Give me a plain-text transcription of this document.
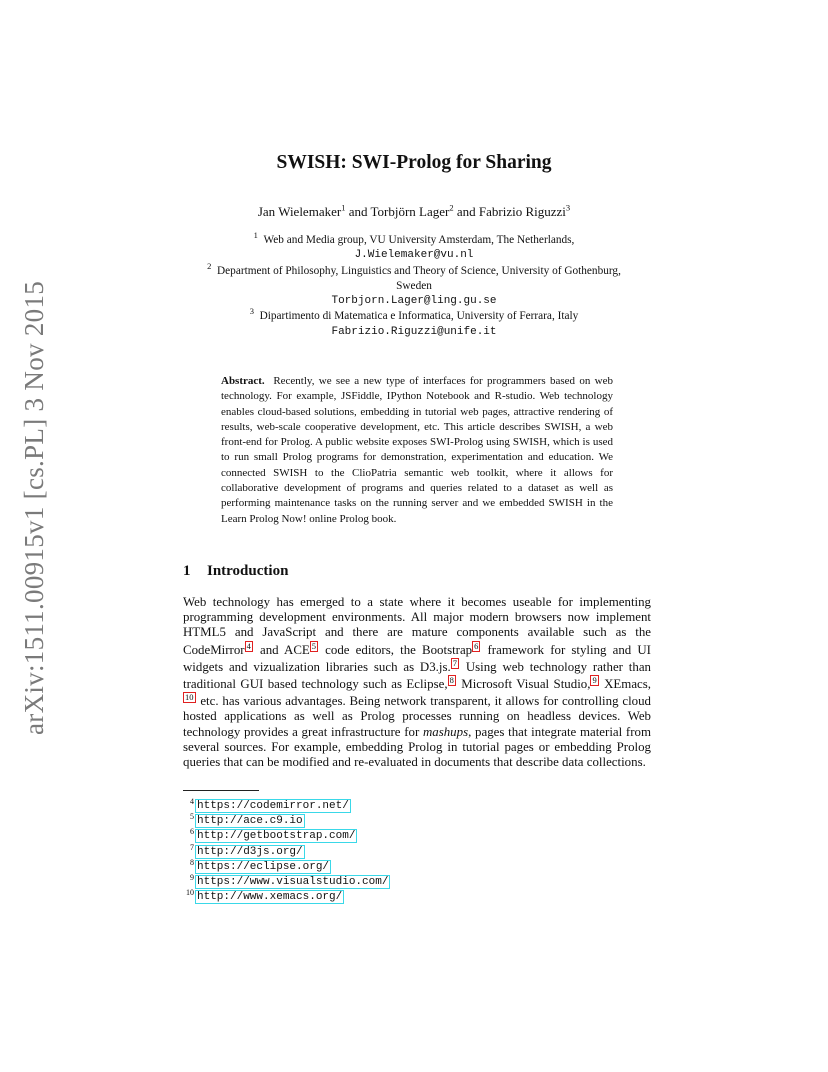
arXiv:1511.00915v1 [cs.PL] 3 Nov 2015
SWISH: SWI-Prolog for Sharing
Jan Wielemaker$^1$ and Torbjörn Lager$^2$ and Fabrizio Riguzzi$^3$
$^1$ Web and Media group, VU University Amsterdam, The Netherlands,
J.Wielemaker@vu.nl
$^2$ Department of Philosophy, Linguistics and Theory of Science, University of Gothenburg,
Sweden
Torbjorn.Lager@ling.gu.se
$^3$ Dipartimento di Matematica e Informatica, University of Ferrara, Italy
Fabrizio.Riguzzi@unife.it
Abstract. Recently, we see a new type of interfaces for programmers based on web technology. For example, JSFiddle, IPython Notebook and R-studio. Web technology enables cloud-based solutions, embedding in tutorial web pages, attractive rendering of results, web-scale cooperative development, etc. This article describes SWISH, a web front-end for Prolog. A public website exposes SWI-Prolog using SWISH, which is used to run small Prolog programs for demonstration, experimentation and education. We connected SWISH to the ClioPatria semantic web toolkit, where it allows for collaborative development of programs and queries related to a dataset as well as performing maintenance tasks on the running server and we embedded SWISH in the Learn Prolog Now! online Prolog book.
1 Introduction
Web technology has emerged to a state where it becomes useable for implementing programming development environments. All major modern browsers now implement HTML5 and JavaScript and there are mature components available such as the CodeMirror 4 and ACE 5 code editors, the Bootstrap 6 framework for styling and UI widgets and vizualization libraries such as D3.js. 7 Using web technology rather than traditional GUI based technology such as Eclipse, 8 Microsoft Visual Studio, 9 XEmacs,10 etc. has various advantages. Being network transparent, it allows for controlling cloud hosted applications as well as Prolog processes running on headless devices. Web technology provides a great infrastructure for mashups, pages that integrate material from several sources. For example, embedding Prolog in tutorial pages or embedding Prolog queries that can be modified and re-evaluated in documents that describe data collections.
4 https://codemirror.net/
5 http://ace.c9.io
6 http://getbootstrap.com/
7 http://d3js.org/
8 https://eclipse.org/
9 https://www.visualstudio.com/
10 http://www.xemacs.org/
